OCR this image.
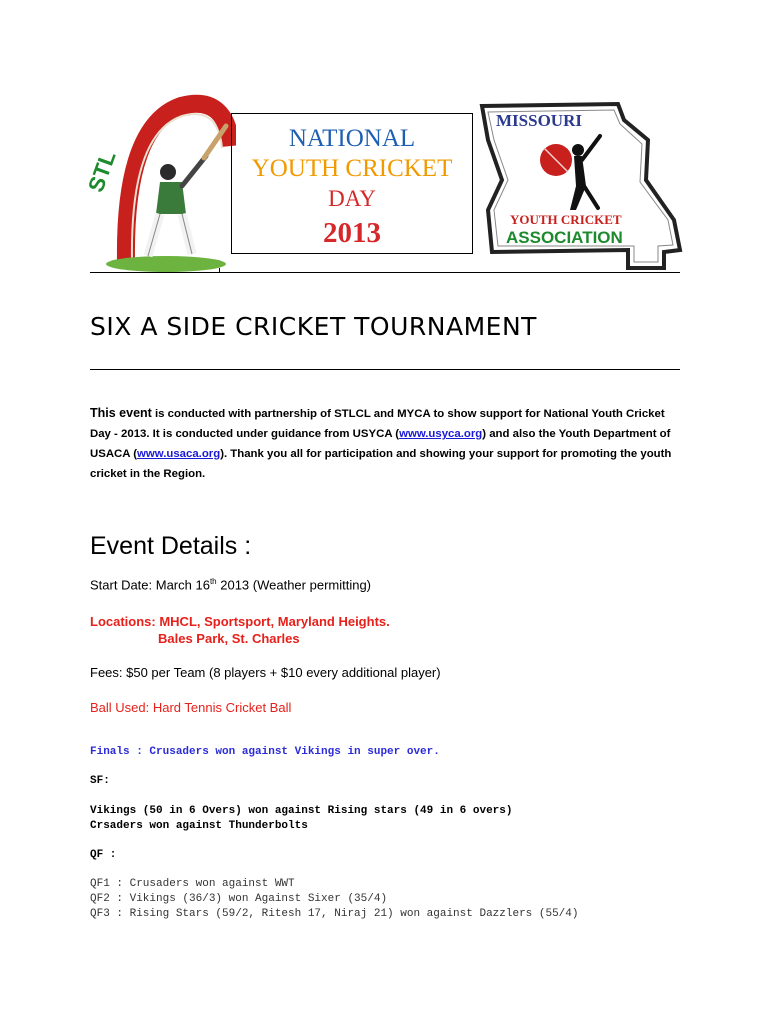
STL
NATIONAL
YOUTH CRICKET
DAY
2013
MISSOURI
YOUTH CRICKET
ASSOCIATION
SIX A SIDE CRICKET TOURNAMENT
This event is conducted with partnership of STLCL and MYCA to show support for National Youth Cricket Day - 2013. It is conducted under guidance from USYCA (www.usyca.org) and also the Youth Department of USACA (www.usaca.org). Thank you all for participation and showing your support for promoting the youth cricket in the Region.
Event Details :
Start Date: March 16th 2013 (Weather permitting)
Locations: MHCL, Sportsport, Maryland Heights.
Bales Park, St. Charles
Fees: $50 per Team (8 players + $10 every additional player)
Ball Used: Hard Tennis Cricket Ball
Finals : Crusaders won against Vikings in super over.
SF:
Vikings (50 in 6 Overs) won against Rising stars (49 in 6 overs)
Crsaders won against Thunderbolts
QF :
QF1 : Crusaders won against WWT
QF2 : Vikings (36/3) won Against Sixer (35/4)
QF3 : Rising Stars (59/2, Ritesh 17, Niraj 21) won against Dazzlers (55/4)
